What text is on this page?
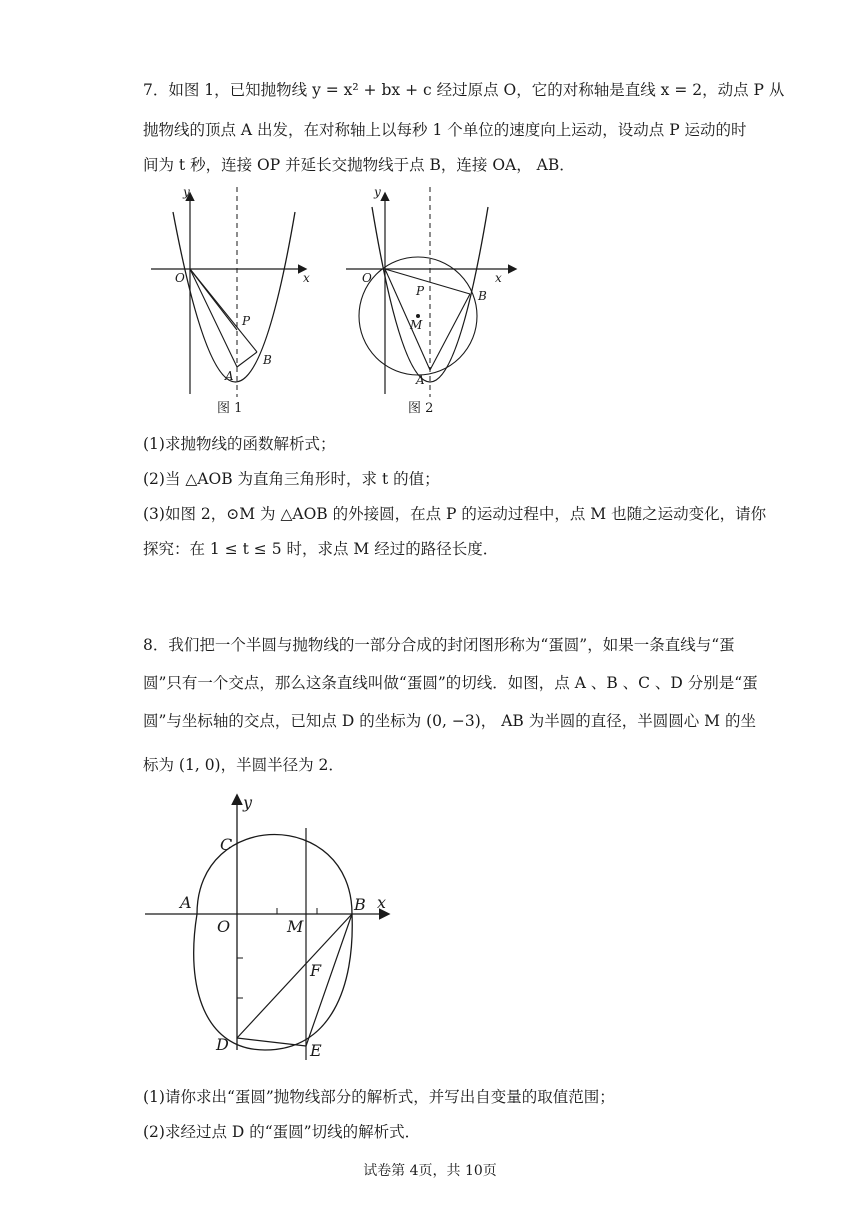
7．如图 1，已知抛物线 y = x² + bx + c 经过原点 O，它的对称轴是直线 x = 2，动点 P 从
抛物线的顶点 A 出发，在对称轴上以每秒 1 个单位的速度向上运动，设动点 P 运动的时
间为 t 秒，连接 OP 并延长交抛物线于点 B，连接 OA， AB．
y
x
O
P
A
B
图 1
y
x
O
P
M
A
B
图 2
(1)求抛物线的函数解析式；
(2)当 △AOB 为直角三角形时，求 t 的值；
(3)如图 2，⊙M 为 △AOB 的外接圆，在点 P 的运动过程中，点 M 也随之运动变化，请你
探究：在 1 ≤ t ≤ 5 时，求点 M 经过的路径长度．
8．我们把一个半圆与抛物线的一部分合成的封闭图形称为“蛋圆”，如果一条直线与“蛋
圆”只有一个交点，那么这条直线叫做“蛋圆”的切线．如图，点 A 、B 、C 、D 分别是“蛋
圆”与坐标轴的交点，已知点 D 的坐标为 (0, −3)， AB 为半圆的直径，半圆圆心 M 的坐
标为 (1, 0)，半圆半径为 2．
y
x
C
A
O	M
B
F
D	E
(1)请你求出“蛋圆”抛物线部分的解析式，并写出自变量的取值范围；
(2)求经过点 D 的“蛋圆”切线的解析式．
试卷第 4页，共 10页
